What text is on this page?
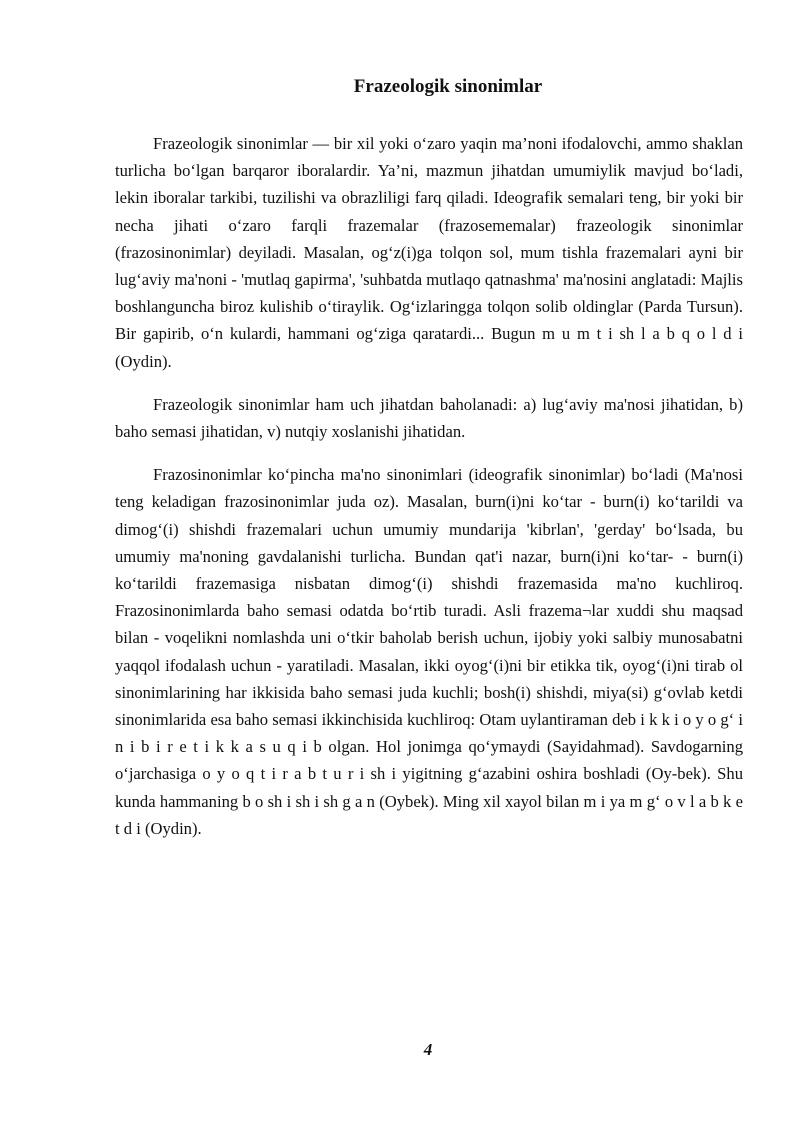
Frazeologik sinonimlar

Frazeologik sinonimlar — bir xil yoki o‘zaro yaqin ma’noni ifodalovchi, ammo shaklan turlicha bo‘lgan barqaror iboralardir. Ya’ni, mazmun jihatdan umumiylik mavjud bo‘ladi, lekin iboralar tarkibi, tuzilishi va obrazliligi farq qiladi. Ideografik semalari teng, bir yoki bir necha jihati o‘zaro farqli frazemalar (frazosememalar) frazeologik sinonimlar (frazosinonimlar) deyiladi. Masalan, og‘z(i)ga tolqon sol, mum tishla frazemalari ayni bir lug‘aviy ma'noni - 'mutlaq gapirma', 'suhbatda mutlaqo qatnashma' ma'nosini anglatadi: Majlis boshlanguncha biroz kulishib o‘tiraylik. Og‘izlaringga tolqon solib oldinglar (Parda Tursun). Bir gapirib, o‘n kulardi, hammani og‘ziga qaratardi... Bugun m u m t i sh l a b q o l d i (Oydin).

Frazeologik sinonimlar ham uch jihatdan baholanadi: a) lug‘aviy ma'nosi jihatidan, b) baho semasi jihatidan, v) nutqiy xoslanishi jihatidan.

Frazosinonimlar ko‘pincha ma'no sinonimlari (ideografik sinonimlar) bo‘ladi (Ma'nosi teng keladigan frazosinonimlar juda oz). Masalan, burn(i)ni ko‘tar - burn(i) ko‘tarildi va dimog‘(i) shishdi frazemalari uchun umumiy mundarija 'kibrlan', 'gerday' bo‘lsada, bu umumiy ma'noning gavdalanishi turlicha. Bundan qat'i nazar, burn(i)ni ko‘tar- - burn(i) ko‘tarildi frazemasiga nisbatan dimog‘(i) shishdi frazemasida ma'no kuchliroq. Frazosinonimlarda baho semasi odatda bo‘rtib turadi. Asli frazema¬lar xuddi shu maqsad bilan - voqelikni nomlashda uni o‘tkir baholab berish uchun, ijobiy yoki salbiy munosabatni yaqqol ifodalash uchun - yaratiladi. Masalan, ikki oyog‘(i)ni bir etikka tik, oyog‘(i)ni tirab ol sinonimlarining har ikkisida baho semasi juda kuchli; bosh(i) shishdi, miya(si) g‘ovlab ketdi sinonimlarida esa baho semasi ikkinchisida kuchliroq: Otam uylantiraman deb i k k i o y o g‘ i n i b i r e t i k k a s u q i b olgan. Hol jonimga qo‘ymaydi (Sayidahmad). Savdogarning o‘jarchasiga o y o q t i r a b t u r i sh i yigitning g‘azabini oshira boshladi (Oy-bek). Shu kunda hammaning b o sh i sh i sh g a n (Oybek). Ming xil xayol bilan m i ya m g‘ o v l a b k e t d i (Oydin).

4
